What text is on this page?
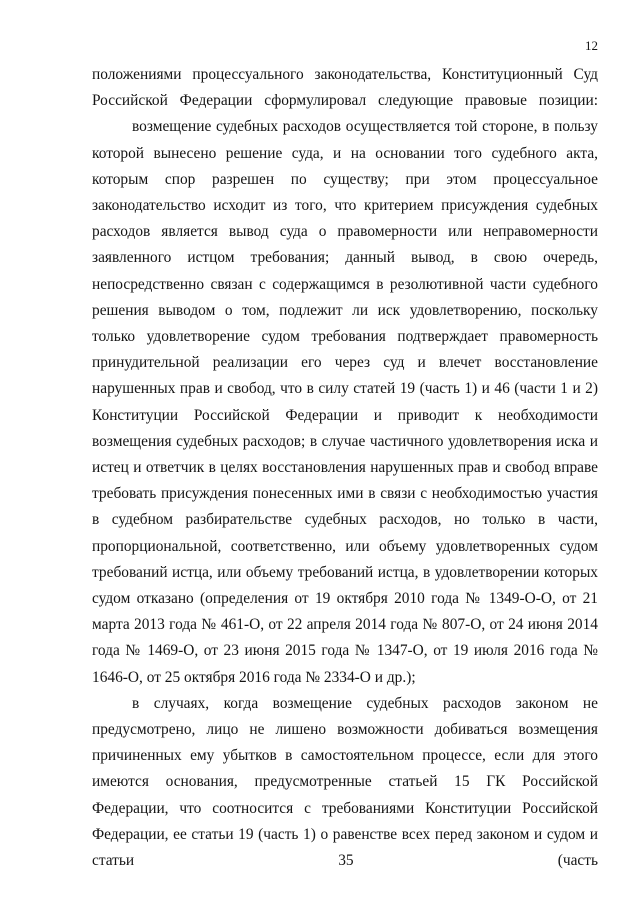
12

положениями процессуального законодательства, Конституционный Суд Российской Федерации сформулировал следующие правовые позиции:

возмещение судебных расходов осуществляется той стороне, в пользу которой вынесено решение суда, и на основании того судебного акта, которым спор разрешен по существу; при этом процессуальное законодательство исходит из того, что критерием присуждения судебных расходов является вывод суда о правомерности или неправомерности заявленного истцом требования; данный вывод, в свою очередь, непосредственно связан с содержащимся в резолютивной части судебного решения выводом о том, подлежит ли иск удовлетворению, поскольку только удовлетворение судом требования подтверждает правомерность принудительной реализации его через суд и влечет восстановление нарушенных прав и свобод, что в силу статей 19 (часть 1) и 46 (части 1 и 2) Конституции Российской Федерации и приводит к необходимости возмещения судебных расходов; в случае частичного удовлетворения иска и истец и ответчик в целях восстановления нарушенных прав и свобод вправе требовать присуждения понесенных ими в связи с необходимостью участия в судебном разбирательстве судебных расходов, но только в части, пропорциональной, соответственно, или объему удовлетворенных судом требований истца, или объему требований истца, в удовлетворении которых судом отказано (определения от 19 октября 2010 года № 1349-О-О, от 21 марта 2013 года № 461-О, от 22 апреля 2014 года № 807-О, от 24 июня 2014 года № 1469-О, от 23 июня 2015 года № 1347-О, от 19 июля 2016 года № 1646-О, от 25 октября 2016 года № 2334-О и др.);

в случаях, когда возмещение судебных расходов законом не предусмотрено, лицо не лишено возможности добиваться возмещения причиненных ему убытков в самостоятельном процессе, если для этого имеются основания, предусмотренные статьей 15 ГК Российской Федерации, что соотносится с требованиями Конституции Российской Федерации, ее статьи 19 (часть 1) о равенстве всех перед законом и судом и статьи 35 (часть
